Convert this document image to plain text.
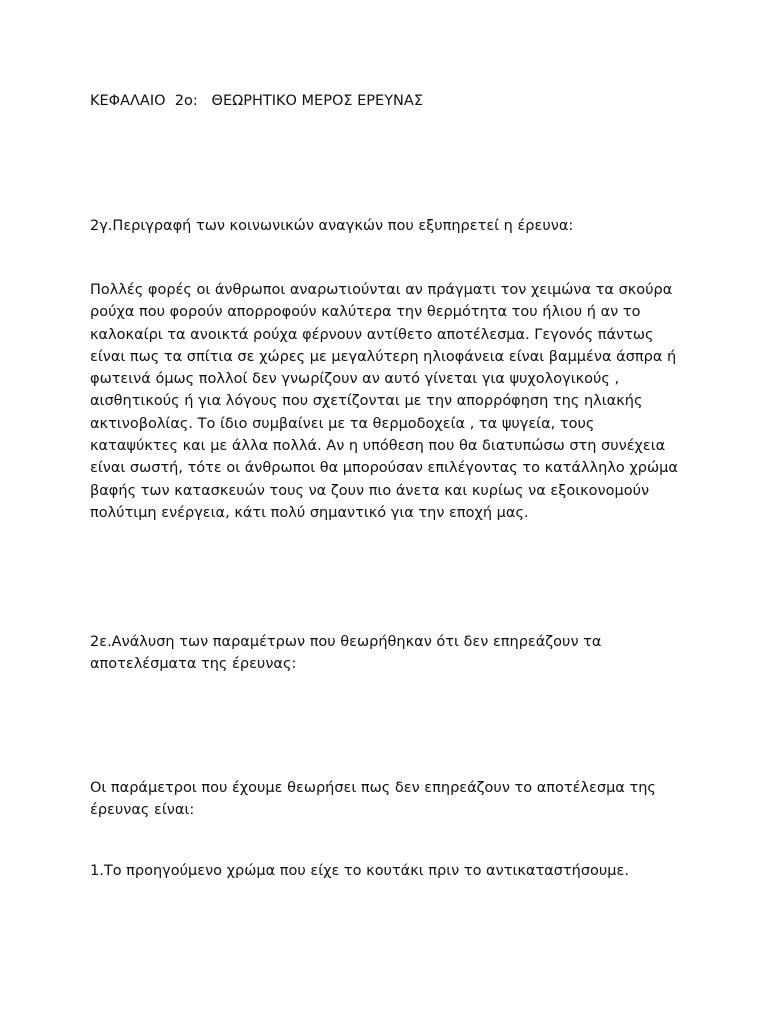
ΚΕΦΑΛΑΙΟ  2ο:   ΘΕΩΡΗΤΙΚΟ ΜΕΡΟΣ ΕΡΕΥΝΑΣ

2γ.Περιγραφή των κοινωνικών αναγκών που εξυπηρετεί η έρευνα:

Πολλές φορές οι άνθρωποι αναρωτιούνται αν πράγματι τον χειμώνα τα σκούρα ρούχα που φορούν απορροφούν καλύτερα την θερμότητα του ήλιου ή αν το καλοκαίρι τα ανοικτά ρούχα φέρνουν αντίθετο αποτέλεσμα. Γεγονός πάντως είναι πως τα σπίτια σε χώρες με μεγαλύτερη ηλιοφάνεια είναι βαμμένα άσπρα ή φωτεινά όμως πολλοί δεν γνωρίζουν αν αυτό γίνεται για ψυχολογικούς , αισθητικούς ή για λόγους που σχετίζονται με την απορρόφηση της ηλιακής ακτινοβολίας. Το ίδιο συμβαίνει με τα θερμοδοχεία , τα ψυγεία, τους καταψύκτες και με άλλα πολλά. Αν η υπόθεση που θα διατυπώσω στη συνέχεια είναι σωστή, τότε οι άνθρωποι θα μπορούσαν επιλέγοντας το κατάλληλο χρώμα βαφής των κατασκευών τους να ζουν πιο άνετα και κυρίως να εξοικονομούν πολύτιμη ενέργεια, κάτι πολύ σημαντικό για την εποχή μας.

2ε.Ανάλυση των παραμέτρων που θεωρήθηκαν ότι δεν επηρεάζουν τα αποτελέσματα της έρευνας:

Οι παράμετροι που έχουμε θεωρήσει πως δεν επηρεάζουν το αποτέλεσμα της έρευνας είναι:

1.Το προηγούμενο χρώμα που είχε το κουτάκι πριν το αντικαταστήσουμε.
